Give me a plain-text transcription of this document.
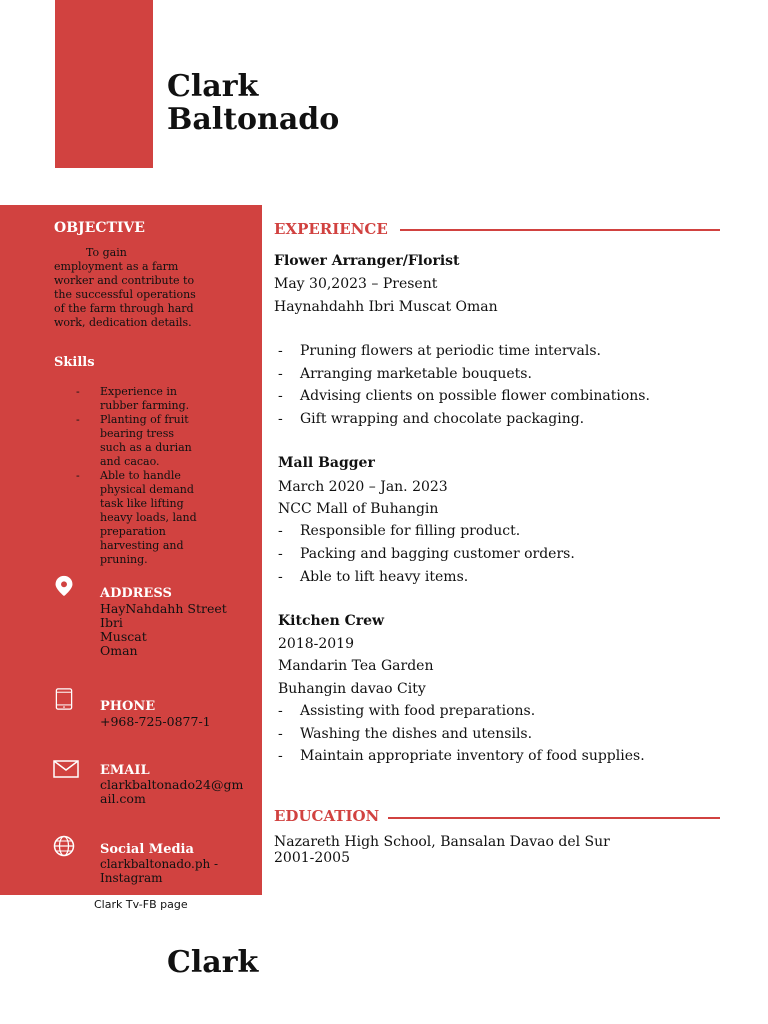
Clark
Baltonado
OBJECTIVE
To gain
employment as a farm
worker and contribute to
the successful operations
of the farm through hard
work, dedication details.
Skills
- Experience in
rubber farming.
- Planting of fruit
bearing tress
such as a durian
and cacao.
- Able to handle
physical demand
task like lifting
heavy loads, land
preparation
harvesting and
pruning.
ADDRESS
HayNahdahh Street
Ibri
Muscat
Oman
PHONE
+968-725-0877-1
EMAIL
clarkbaltonado24@gm
ail.com
Social Media
clarkbaltonado.ph -
Instagram
Clark Tv-FB page
EXPERIENCE
Flower Arranger/Florist
May 30,2023 – Present
Haynahdahh Ibri Muscat Oman
- Pruning flowers at periodic time intervals.
- Arranging marketable bouquets.
- Advising clients on possible flower combinations.
- Gift wrapping and chocolate packaging.
Mall Bagger
March 2020 – Jan. 2023
NCC Mall of Buhangin
- Responsible for filling product.
- Packing and bagging customer orders.
- Able to lift heavy items.
Kitchen Crew
2018-2019
Mandarin Tea Garden
Buhangin davao City
- Assisting with food preparations.
- Washing the dishes and utensils.
- Maintain appropriate inventory of food supplies.
EDUCATION
Nazareth High School, Bansalan Davao del Sur
2001-2005
Clark
